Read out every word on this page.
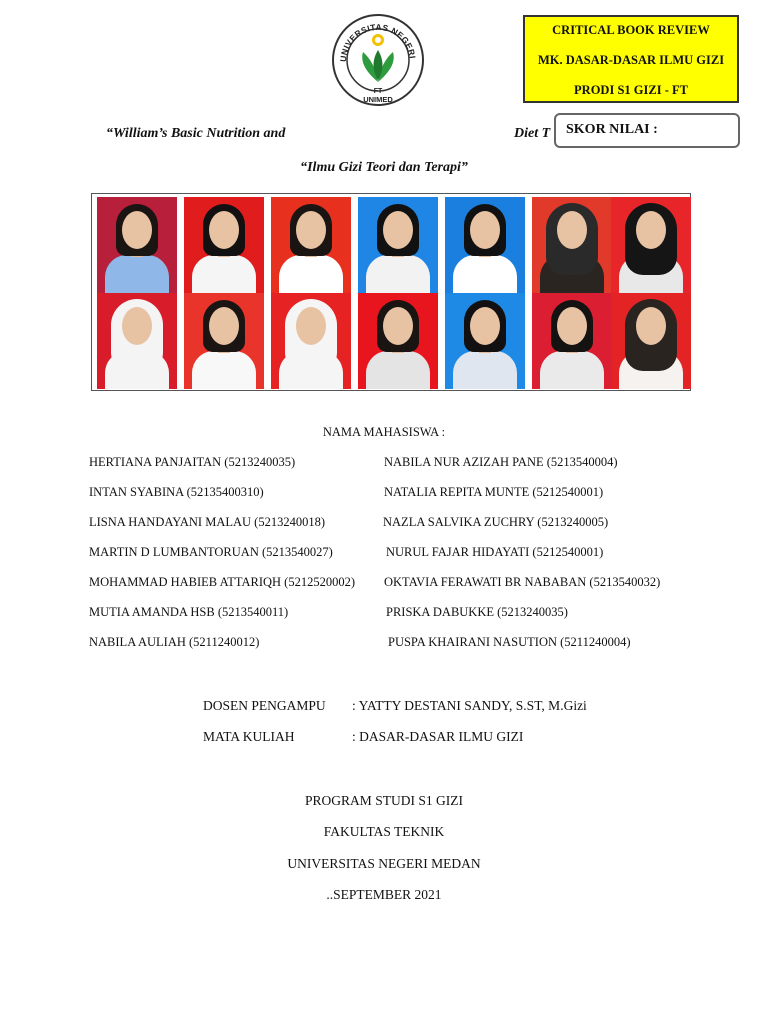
UNIVERSITAS NEGERI
FT
UNIMED
CRITICAL BOOK REVIEW
MK. DASAR-DASAR ILMU GIZI
PRODI S1 GIZI - FT
SKOR NILAI :
“William’s Basic Nutrition and	Diet T
“Ilmu Gizi Teori dan Terapi”
NAMA MAHASISWA :
HERTIANA PANJAITAN (5213240035)
INTAN SYABINA (52135400310)
LISNA HANDAYANI MALAU (5213240018)
MARTIN D LUMBANTORUAN (5213540027)
MOHAMMAD HABIEB ATTARIQH (5212520002)
MUTIA AMANDA HSB (5213540011)
NABILA AULIAH (5211240012)
NABILA NUR AZIZAH PANE (5213540004)
NATALIA REPITA MUNTE (5212540001)
NAZLA SALVIKA ZUCHRY (5213240005)
NURUL FAJAR HIDAYATI (5212540001)
OKTAVIA FERAWATI BR NABABAN (5213540032)
PRISKA DABUKKE (5213240035)
PUSPA KHAIRANI NASUTION (5211240004)
DOSEN PENGAMPU : YATTY DESTANI SANDY, S.ST, M.Gizi
MATA KULIAH	: DASAR-DASAR ILMU GIZI
PROGRAM STUDI S1 GIZI
FAKULTAS TEKNIK
UNIVERSITAS NEGERI MEDAN
..SEPTEMBER 2021
